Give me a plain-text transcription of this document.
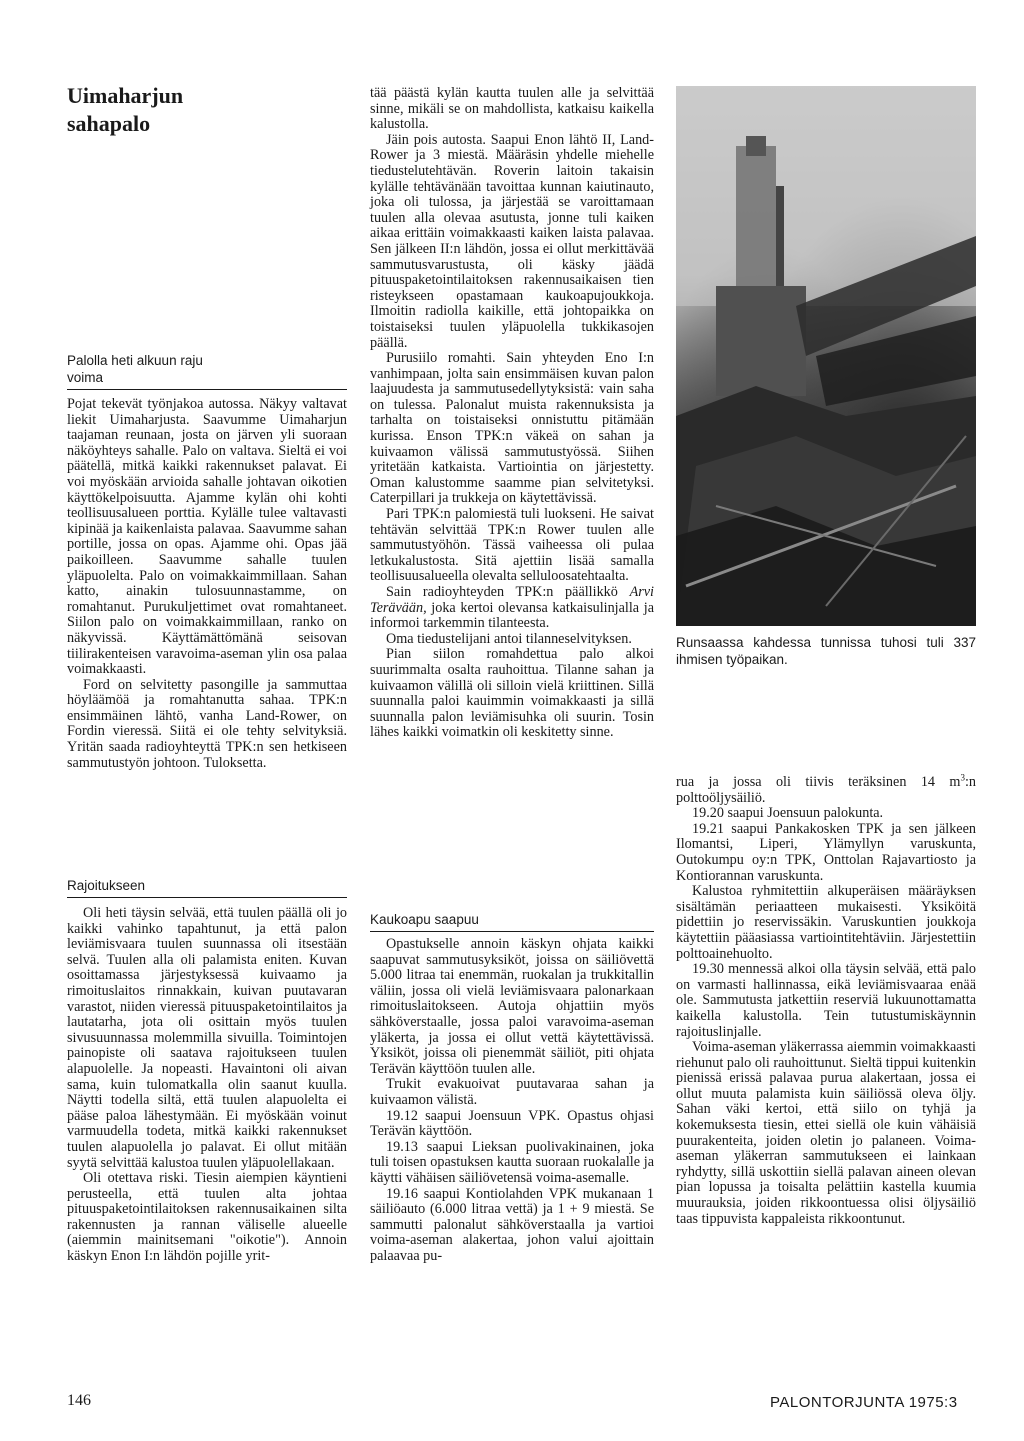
Uimaharjun
sahapalo
Palolla heti alkuun raju voima

Pojat tekevät työnjakoa autossa. Näkyy valtavat liekit Uimaharjusta. Saavumme Uimaharjun taajaman reunaan, josta on järven yli suoraan näköyhteys sahalle. Palo on valtava. Sieltä ei voi päätellä, mitkä kaikki rakennukset palavat. Ei voi myöskään arvioida sahalle johtavan oikotien käyttökelpoisuutta. Ajamme kylän ohi kohti teollisuusalueen porttia. Kylälle tulee valtavasti kipinää ja kaikenlaista palavaa. Saavumme sahan portille, jossa on opas. Ajamme ohi. Opas jää paikoilleen. Saavumme sahalle tuulen yläpuolelta. Palo on voimakkaimmillaan. Sahan katto, ainakin tulosuunnastamme, on romahtanut. Purukuljettimet ovat romahtaneet. Siilon palo on voimakkaimmillaan, ranko on näkyvissä. Käyttämättömänä seisovan tiilirakenteisen varavoima-aseman ylin osa palaa voimakkaasti.

Ford on selvitetty pasongille ja sammuttaa höyläämöä ja romahtanutta sahaa. TPK:n ensimmäinen lähtö, vanha Land-Rower, on Fordin vieressä. Siitä ei ole tehty selvityksiä. Yritän saada radioyhteyttä TPK:n sen hetkiseen sammutustyön johtoon. Tuloksetta.

Rajoitukseen

Oli heti täysin selvää, että tuulen päällä oli jo kaikki vahinko tapahtunut, ja että palon leviämisvaara tuulen suunnassa oli itsestään selvä. Tuulen alla oli palamista eniten. Kuvan osoittamassa järjestyksessä kuivaamo ja rimoituslaitos rinnakkain, kuivan puutavaran varastot, niiden vieressä pituuspaketointilaitos ja lautatarha, jota oli osittain myös tuulen sivusuunnassa molemmilla sivuilla. Toimintojen painopiste oli saatava rajoitukseen tuulen alapuolelle. Ja nopeasti. Havaintoni oli aivan sama, kuin tulomatkalla olin saanut kuulla. Näytti todella siltä, että tuulen alapuolelta ei pääse paloa lähestymään. Ei myöskään voinut varmuudella todeta, mitkä kaikki rakennukset tuulen alapuolella jo palavat. Ei ollut mitään syytä selvittää kalustoa tuulen yläpuolellakaan.

Oli otettava riski. Tiesin aiempien käyntieni perusteella, että tuulen alta johtaa pituuspaketointilaitoksen rakennusaikainen silta rakennusten ja rannan väliselle alueelle (aiemmin mainitsemani "oikotie"). Annoin käskyn Enon I:n lähdön pojille yrit-

tää päästä kylän kautta tuulen alle ja selvittää sinne, mikäli se on mahdollista, katkaisu kaikella kalustolla.

Jäin pois autosta. Saapui Enon lähtö II, Land-Rower ja 3 miestä. Määräsin yhdelle miehelle tiedustelutehtävän. Roverin laitoin takaisin kylälle tehtävänään tavoittaa kunnan kaiutinauto, joka oli tulossa, ja järjestää se varoittamaan tuulen alla olevaa asutusta, jonne tuli kaiken aikaa erittäin voimakkaasti kaiken laista palavaa. Sen jälkeen II:n lähdön, jossa ei ollut merkittävää sammutusvarustusta, oli käsky jäädä pituuspaketointilaitoksen rakennusaikaisen tien risteykseen opastamaan kaukoapujoukkoja. Ilmoitin radiolla kaikille, että johtopaikka on toistaiseksi tuulen yläpuolella tukkikasojen päällä.

Purusiilo romahti. Sain yhteyden Eno I:n vanhimpaan, jolta sain ensimmäisen kuvan palon laajuudesta ja sammutusedellytyksistä: vain saha on tulessa. Palonalut muista rakennuksista ja tarhalta on toistaiseksi onnistuttu pitämään kurissa. Enson TPK:n väkeä on sahan ja kuivaamon välissä sammutustyössä. Siihen yritetään katkaista. Vartiointia on järjestetty. Oman kalustomme saamme pian selvitetyksi. Caterpillari ja trukkeja on käytettävissä.

Pari TPK:n palomiestä tuli luokseni. He saivat tehtävän selvittää TPK:n Rower tuulen alle sammutustyöhön. Tässä vaiheessa oli pulaa letkukalustosta. Sitä ajettiin lisää samalla teollisuusalueella olevalta selluloosatehtaalta.

Sain radioyhteyden TPK:n päällikkö Arvi Terävään, joka kertoi olevansa katkaisulinjalla ja informoi tarkemmin tilanteesta.

Oma tiedustelijani antoi tilanneselvityksen.

Pian siilon romahdettua palo alkoi suurimmalta osalta rauhoittua. Tilanne sahan ja kuivaamon välillä oli silloin vielä kriittinen. Sillä suunnalla paloi kauimmin voimakkaasti ja sillä suunnalla palon leviämisuhka oli suurin. Tosin lähes kaikki voimatkin oli keskitetty sinne.

Kaukoapu saapuu

Opastukselle annoin käskyn ohjata kaikki saapuvat sammutusyksiköt, joissa on säiliövettä 5.000 litraa tai enemmän, ruokalan ja trukkitallin väliin, jossa oli vielä leviämisvaara palonarkaan rimoituslaitokseen. Autoja ohjattiin myös sähköverstaalle, jossa paloi varavoima-aseman yläkerta, ja jossa ei ollut vettä käytettävissä. Yksiköt, joissa oli pienemmät säiliöt, piti ohjata Terävän käyttöön tuulen alle.

Trukit evakuoivat puutavaraa sahan ja kuivaamon välistä.

19.12 saapui Joensuun VPK. Opastus ohjasi Terävän käyttöön.

19.13 saapui Lieksan puolivakinainen, joka tuli toisen opastuksen kautta suoraan ruokalalle ja käytti vähäisen säiliövetensä voima-asemalle.

19.16 saapui Kontiolahden VPK mukanaan 1 säiliöauto (6.000 litraa vettä) ja 1 + 9 miestä. Se sammutti palonalut sähköverstaalla ja vartioi voima-aseman alakertaa, johon valui ajoittain palaavaa pu-

Runsaassa kahdessa tunnissa tuhosi tuli 337 ihmisen työpaikan.

rua ja jossa oli tiivis teräksinen 14 $m^3:n$ polttoöljysäiliö.

19.20 saapui Joensuun palokunta.

19.21 saapui Pankakosken TPK ja sen jälkeen Ilomantsi, Liperi, Ylämyllyn varuskunta, Outokumpu oy:n TPK, Onttolan Rajavartiosto ja Kontiorannan varuskunta.

Kalustoa ryhmitettiin alkuperäisen määräyksen sisältämän periaatteen mukaisesti. Yksiköitä pidettiin jo reservissäkin. Varuskuntien joukkoja käytettiin pääasiassa vartiointitehtäviin. Järjestettiin polttoainehuolto.

19.30 mennessä alkoi olla täysin selvää, että palo on varmasti hallinnassa, eikä leviämisvaaraa enää ole. Sammutusta jatkettiin reserviä lukuunottamatta kaikella kalustolla. Tein tutustumiskäynnin rajoituslinjalle.

Voima-aseman yläkerrassa aiemmin voimakkaasti riehunut palo oli rauhoittunut. Sieltä tippui kuitenkin pienissä erissä palavaa purua alakertaan, jossa ei ollut muuta palamista kuin säiliössä oleva öljy. Sahan väki kertoi, että siilo on tyhjä ja kokemuksesta tiesin, ettei siellä ole kuin vähäisiä puurakenteita, joiden oletin jo palaneen. Voima-aseman yläkerran sammutukseen ei lainkaan ryhdytty, sillä uskottiin siellä palavan aineen olevan pian lopussa ja toisalta pelättiin kastella kuumia muurauksia, joiden rikkoontuessa olisi öljysäiliö taas tippuvista kappaleista rikkoontunut.

146	PALONTORJUNTA 1975:3
